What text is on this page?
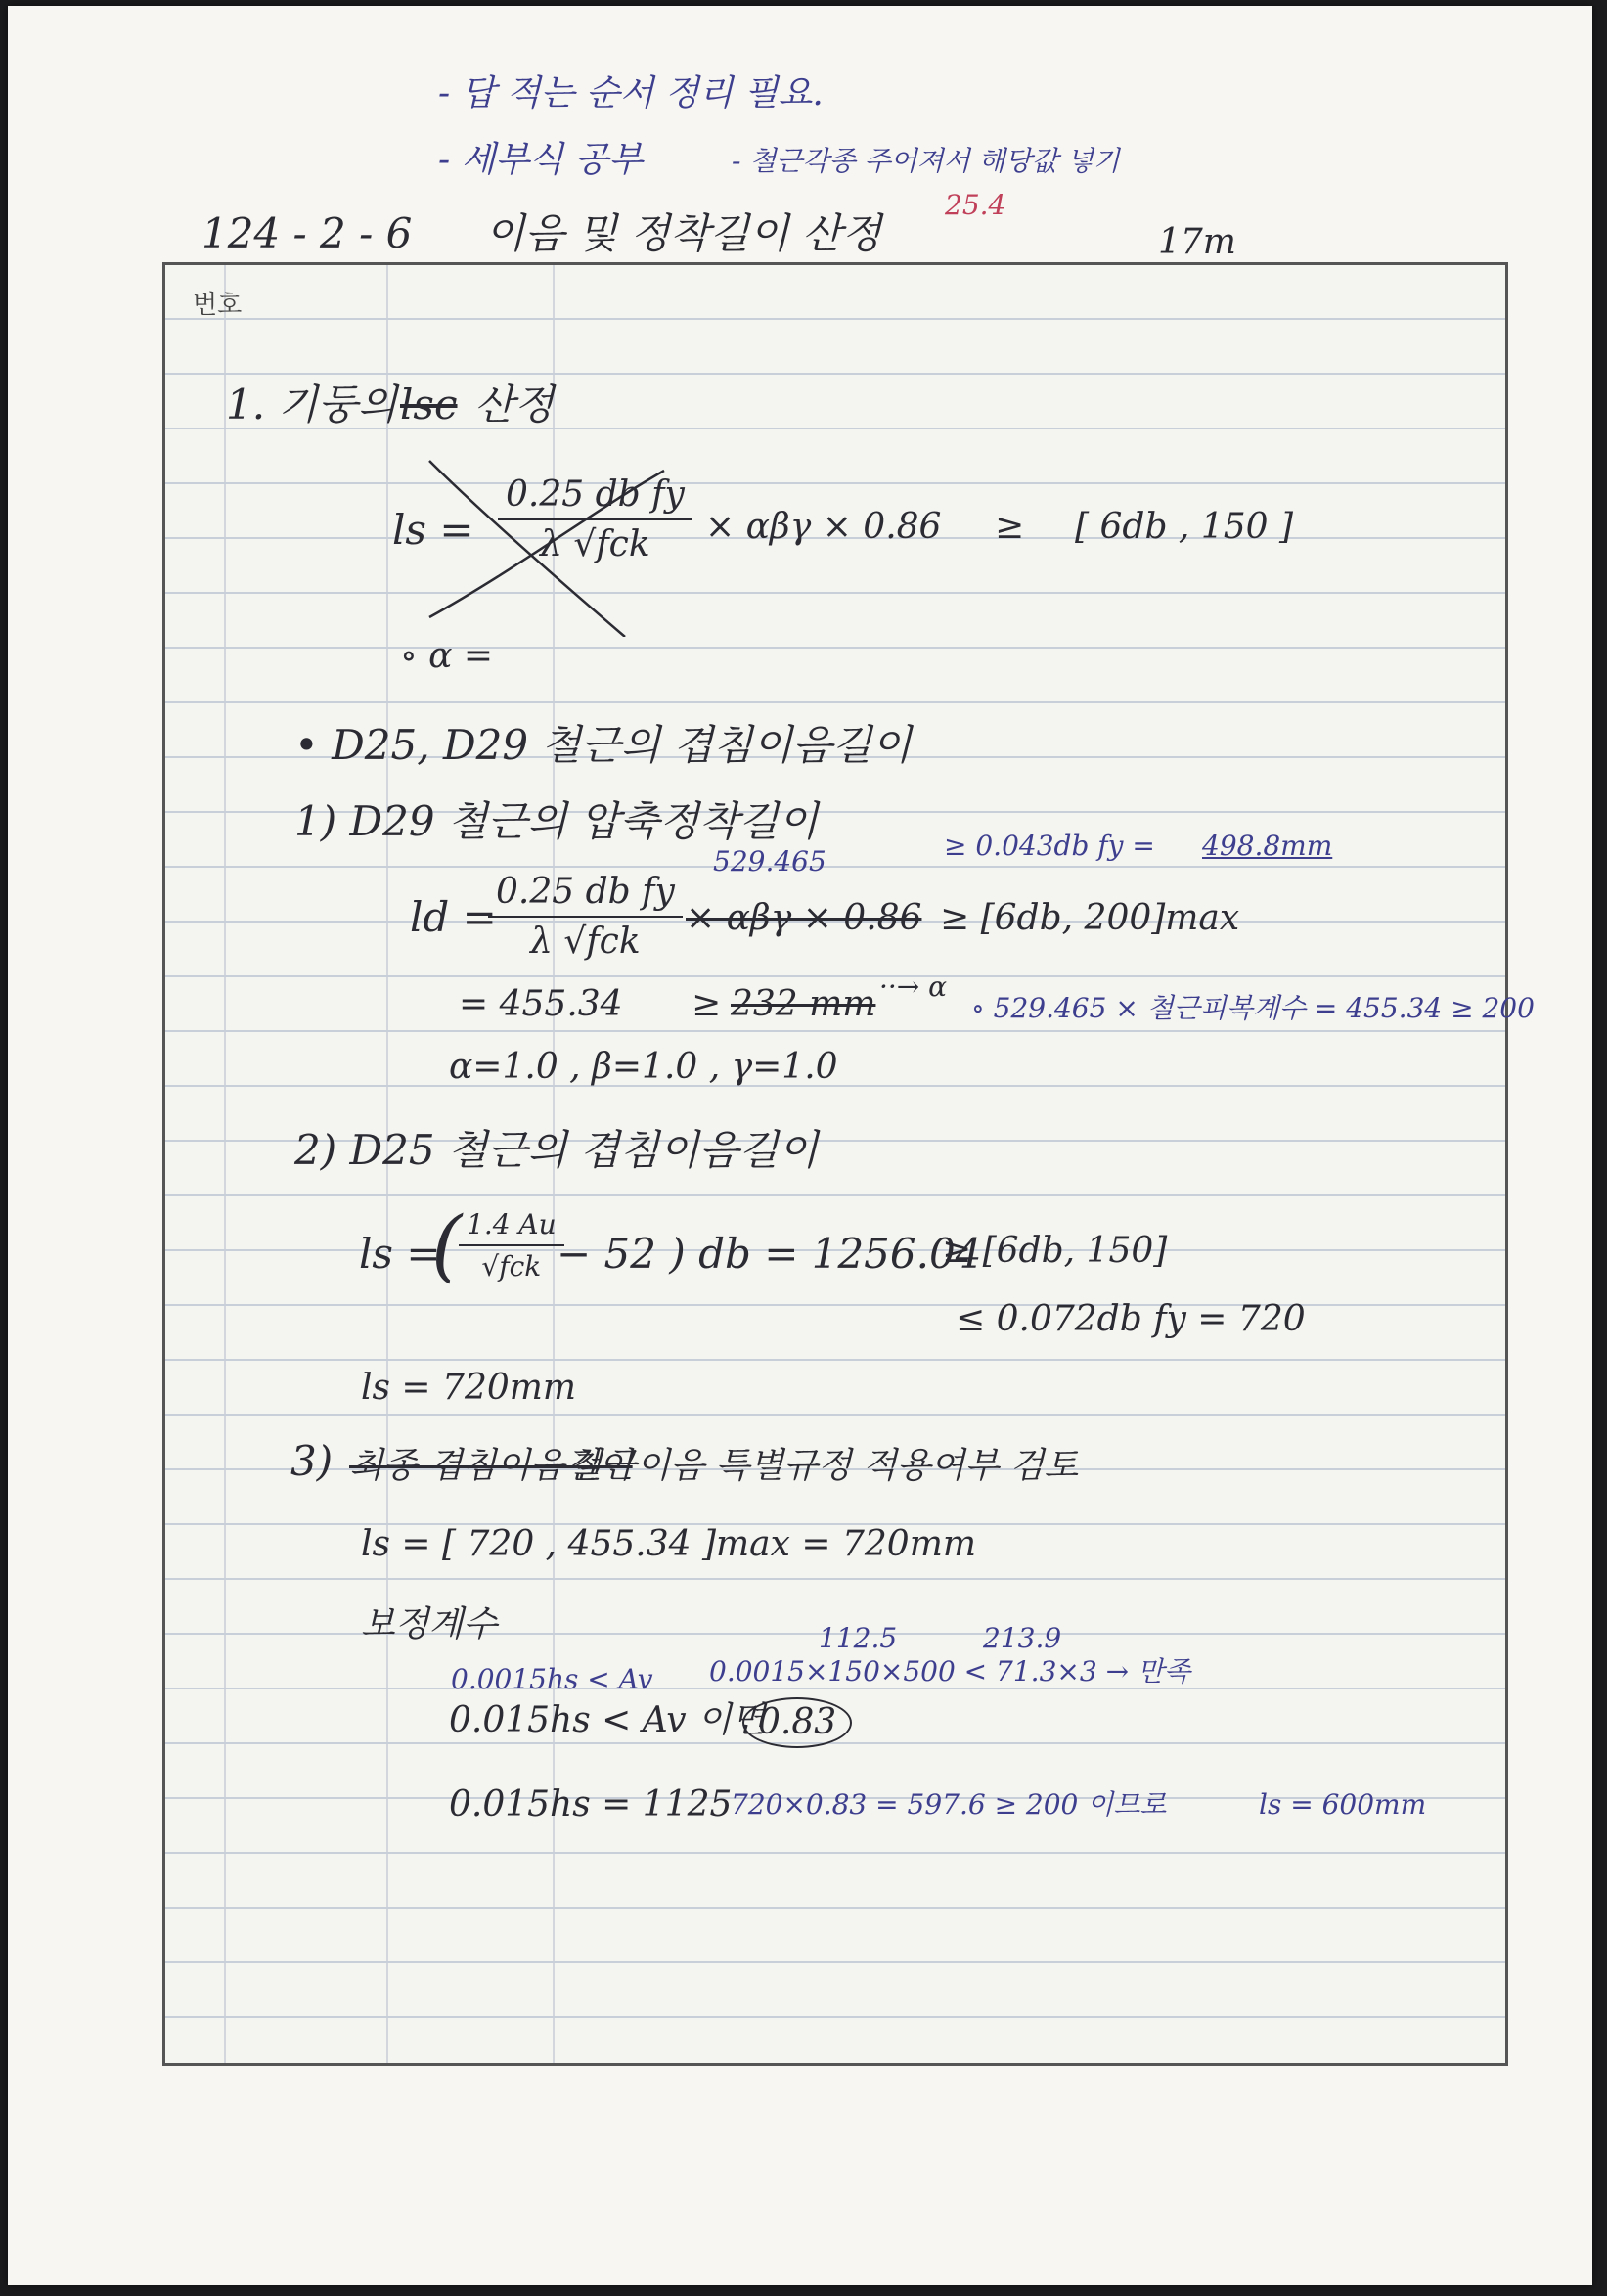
- 답 적는 순서 정리 필요.
- 세부식 공부	- 철근각종 주어져서 해당값 넣기
25.4
124 - 2 - 6 이음 및 정착길이 산정	17m
번호
1. 기둥의 lsc 산정
ls =
0.25 db fy
λ √fck × αβγ × 0.86 ≥ [ 6db , 150 ]
∘ α =
• D25, D29 철근의 겹침이음길이
1) D29 철근의 압축정착길이
529.465	≥ 0.043db fy = 498.8mm
ld =
0.25 db fy
λ √fck
× αβγ × 0.86 ≥ [6db, 200]max
= 455.34 ≥ 232 mm ··→ α
∘ 529.465 × 철근피복계수 = 455.34 ≥ 200
α=1.0 , β=1.0 , γ=1.0
2) D25 철근의 겹침이음길이
ls =
( 1.4 Au
√fck − 52 ) db = 1256.04
≥ [6db, 150]
≤ 0.072db fy = 720
ls = 720mm
3) 최종 겹침이음길이
철근이음 특별규정 적용여부 검토
ls = [ 720 , 455.34 ]max = 720mm
보정계수	112.5	213.9
0.0015hs < Av 0.0015×150×500 < 71.3×3 → 만족
0.015hs < Av 이면
0.83
0.015hs = 1125
720×0.83 = 597.6 ≥ 200 이므로	ls = 600mm
